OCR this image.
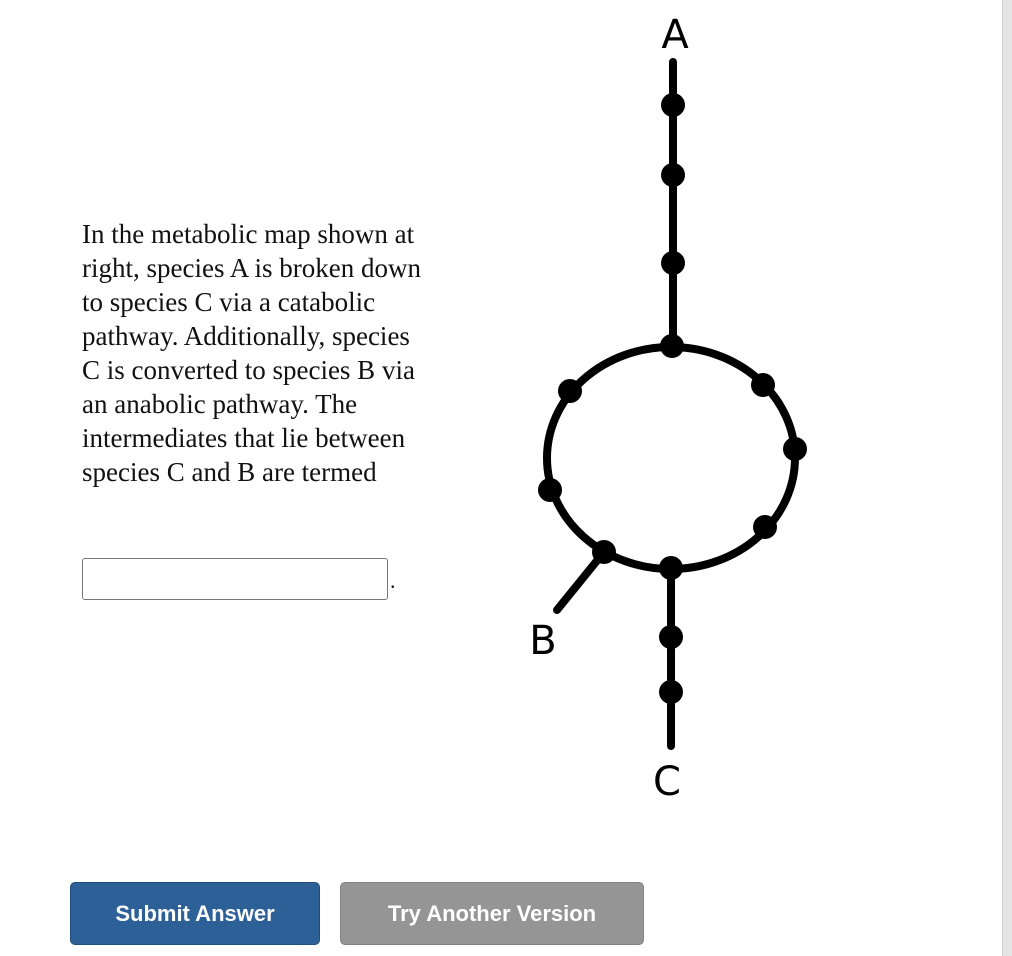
In the metabolic map shown at right, species A is broken down to species C via a catabolic pathway. Additionally, species C is converted to species B via an anabolic pathway. The intermediates that lie between species C and B are termed
.
A
B
C
Submit Answer	Try Another Version
